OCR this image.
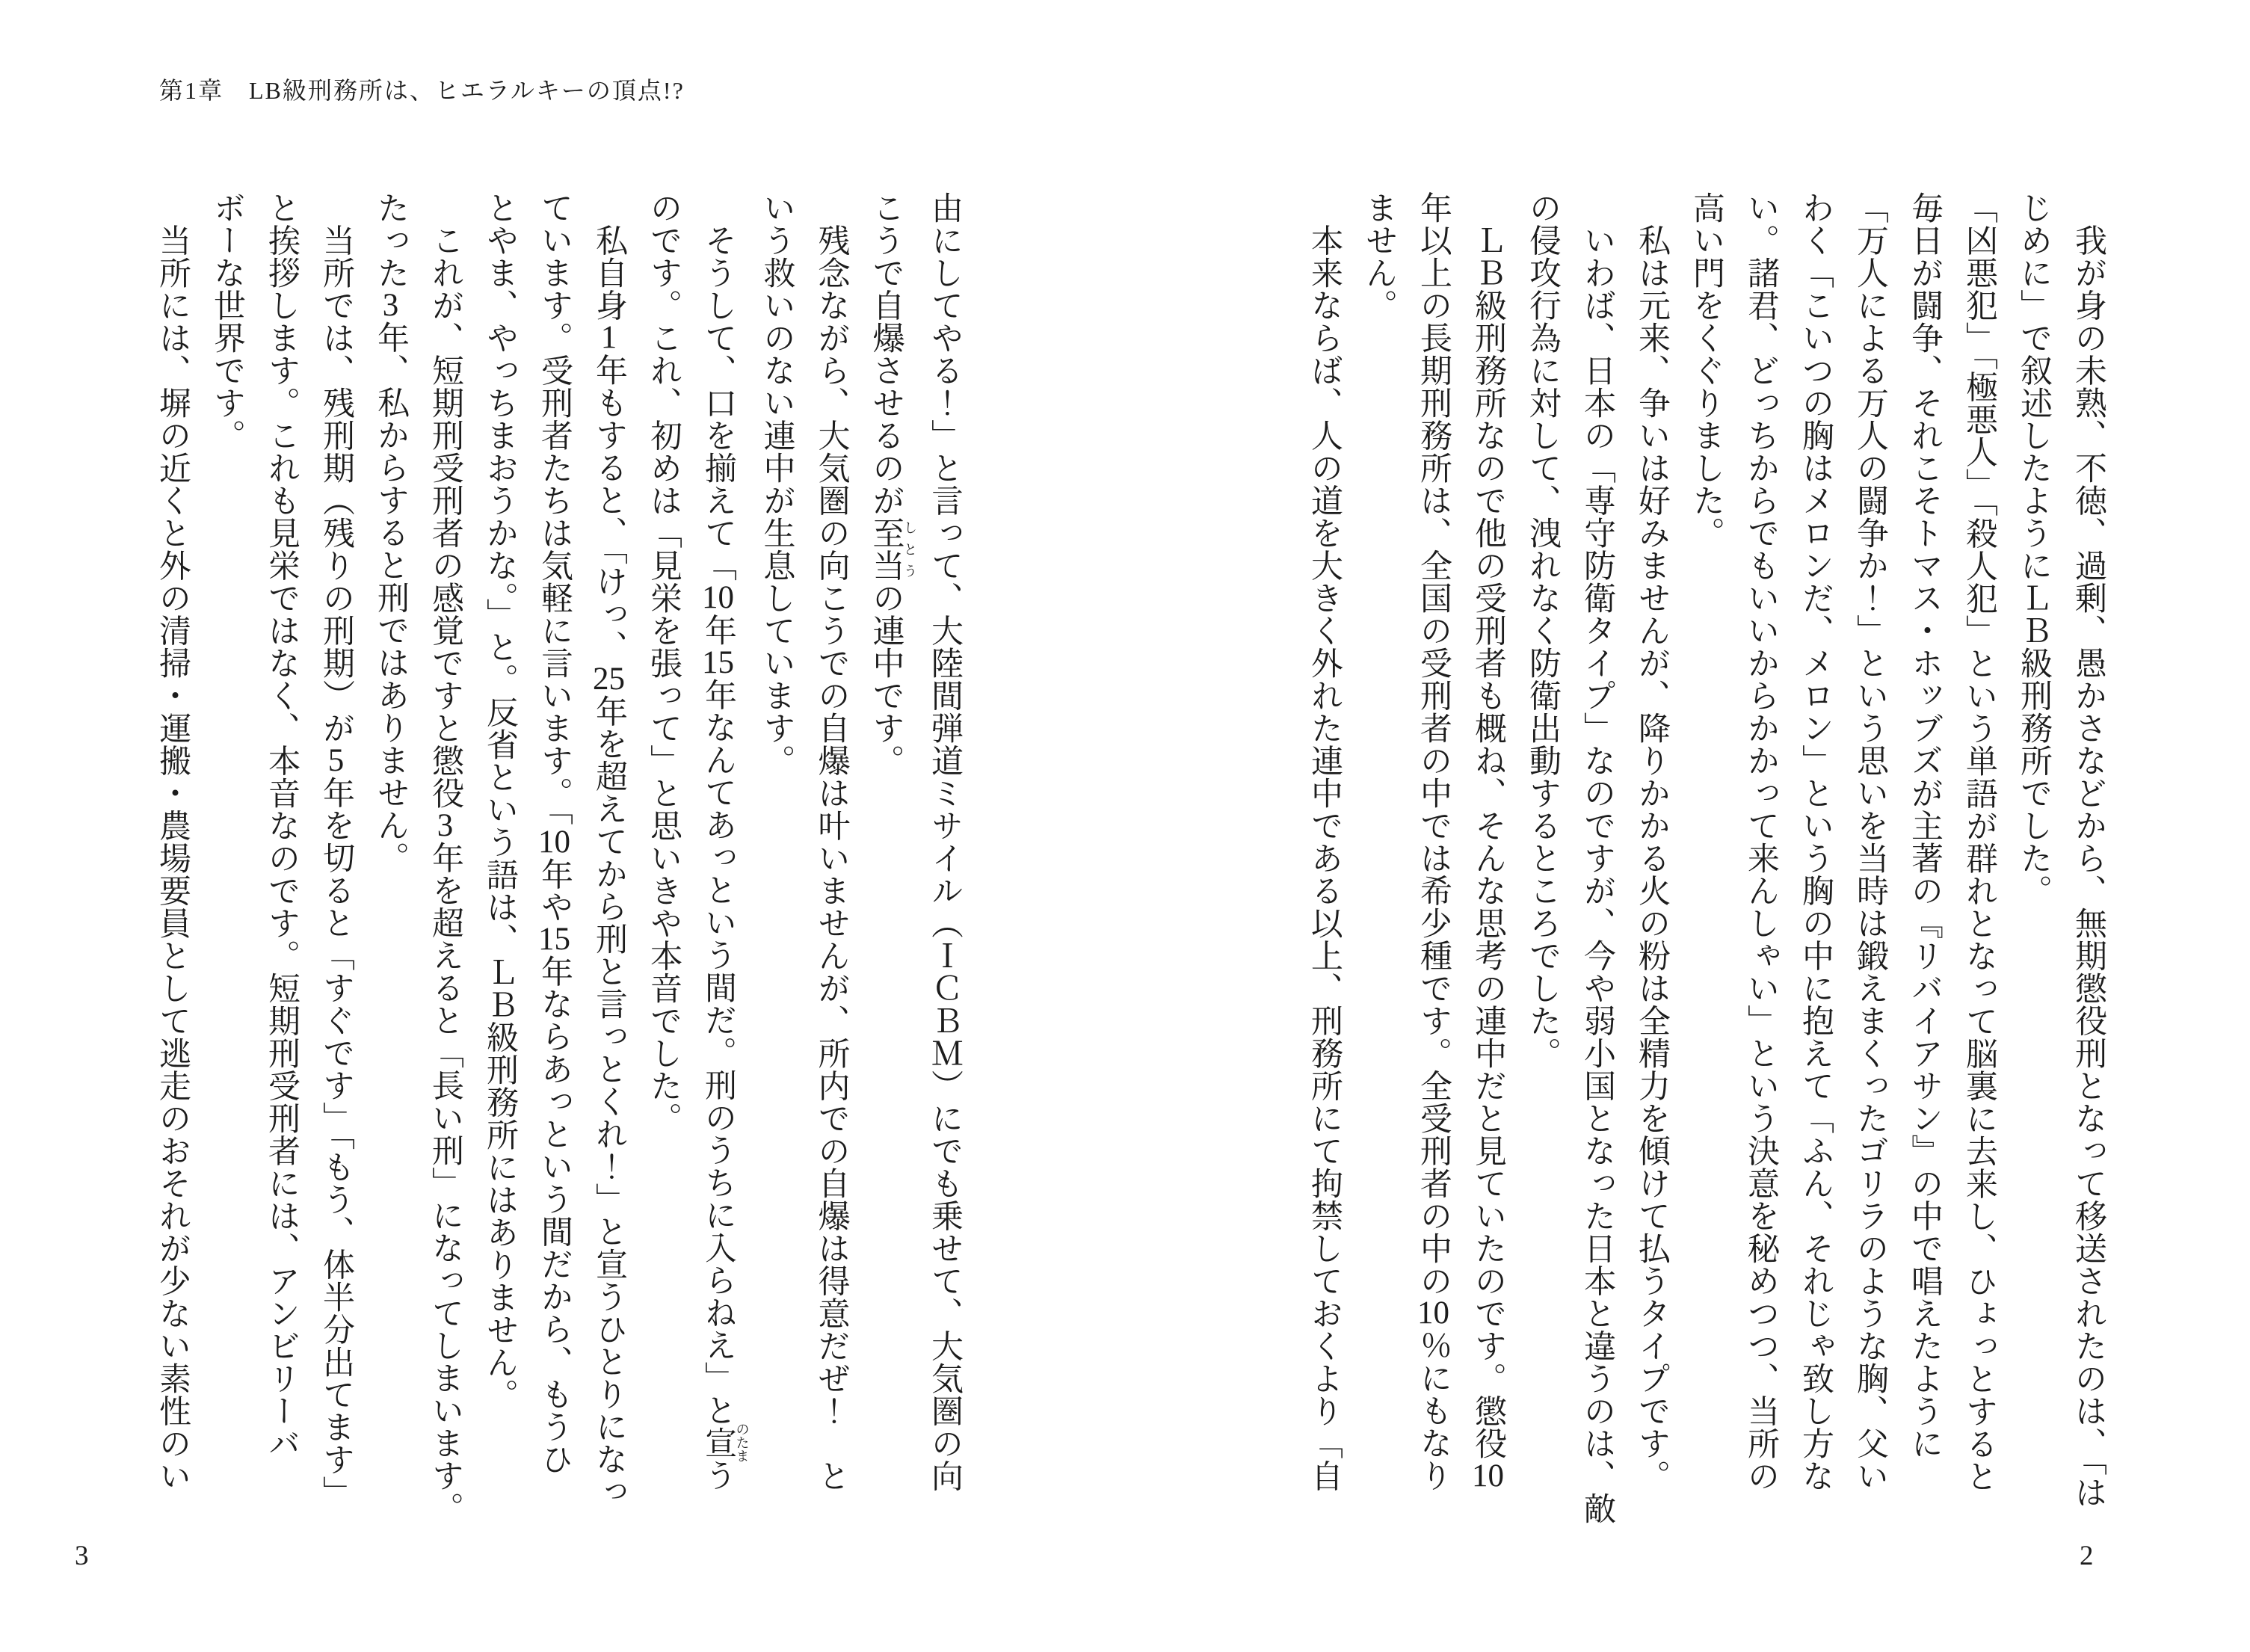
第1章　LB級刑務所は、ヒエラルキーの頂点!?
　我が身の未熟、不徳、過剰、愚かさなどから、無期懲役刑となって移送されたのは、「は
じめに」で叙述したようにＬＢ級刑務所でした。
「凶悪犯」「極悪人」「殺人犯」という単語が群れとなって脳裏に去来し、ひょっとすると
毎日が闘争、それこそトマス・ホッブズが主著の『リバイアサン』の中で唱えたように
「万人による万人の闘争か！」という思いを当時は鍛えまくったゴリラのような胸、父い
わく「こいつの胸はメロンだ、メロン」という胸の中に抱えて「ふん、それじゃ致し方な
い。諸君、どっちからでもいいからかかって来んしゃい」という決意を秘めつつ、当所の
高い門をくぐりました。
　私は元来、争いは好みませんが、降りかかる火の粉は全精力を傾けて払うタイプです。
　いわば、日本の「専守防衛タイプ」なのですが、今や弱小国となった日本と違うのは、敵
の侵攻行為に対して、洩れなく防衛出動するところでした。
　ＬＢ級刑務所なので他の受刑者も概ね、そんな思考の連中だと見ていたのです。懲役10
年以上の長期刑務所は、全国の受刑者の中では希少種です。全受刑者の中の10％にもなり
ません。
　本来ならば、人の道を大きく外れた連中である以上、刑務所にて拘禁しておくより「自
由にしてやる！」と言って、大陸間弾道ミサイル（ＩＣＢＭ）にでも乗せて、大気圏の向
こうで自爆させるのが至当しとうの連中です。
　残念ながら、大気圏の向こうでの自爆は叶いませんが、所内での自爆は得意だぜ！　と
いう救いのない連中が生息しています。
　そうして、口を揃えて「10年15年なんてあっという間だ。刑のうちに入らねえ」と宣のたまう
のです。これ、初めは「見栄を張って」と思いきや本音でした。
　私自身1年もすると、「けっ、25年を超えてから刑と言っとくれ！」と宣うひとりになっ
ています。受刑者たちは気軽に言います。「10年や15年ならあっという間だから、もうひ
とやま、やっちまおうかな。」と。反省という語は、ＬＢ級刑務所にはありません。
　これが、短期刑受刑者の感覚ですと懲役3年を超えると「長い刑」になってしまいます。
たった3年、私からすると刑ではありません。
　当所では、残刑期（残りの刑期）が5年を切ると「すぐです」「もう、体半分出てます」
と挨拶します。これも見栄ではなく、本音なのです。短期刑受刑者には、アンビリーバ
ボーな世界です。
　当所には、塀の近くと外の清掃・運搬・農場要員として逃走のおそれが少ない素性のい
2
3
